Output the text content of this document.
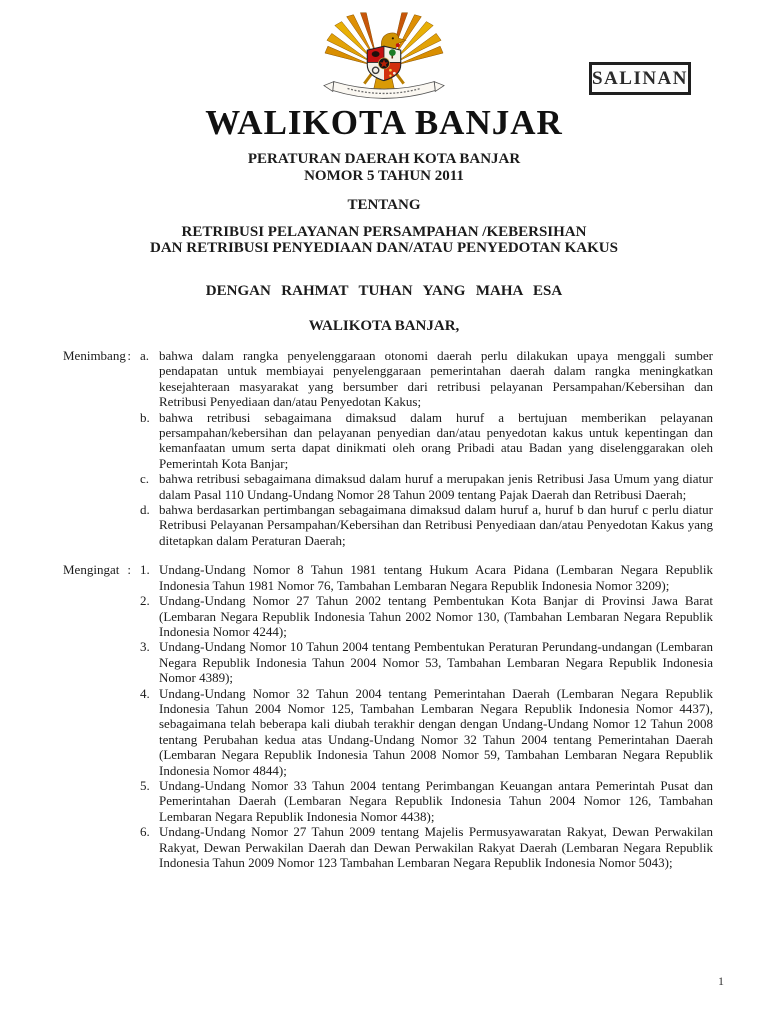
SALINAN
WALIKOTA BANJAR
PERATURAN DAERAH KOTA BANJAR
NOMOR 5 TAHUN 2011
TENTANG
RETRIBUSI PELAYANAN PERSAMPAHAN /KEBERSIHAN
DAN RETRIBUSI PENYEDIAAN DAN/ATAU PENYEDOTAN KAKUS
DENGAN RAHMAT TUHAN YANG MAHA ESA
WALIKOTA BANJAR,
Menimbang : a. bahwa dalam rangka penyelenggaraan otonomi daerah perlu dilakukan upaya menggali sumber pendapatan untuk membiayai penyelenggaraan pemerintahan daerah dalam rangka meningkatkan kesejahteraan masyarakat yang bersumber dari retribusi pelayanan Persampahan/Kebersihan dan Retribusi Penyediaan dan/atau Penyedotan Kakus;
b. bahwa retribusi sebagaimana dimaksud dalam huruf a bertujuan memberikan pelayanan persampahan/kebersihan dan pelayanan penyedian dan/atau penyedotan kakus untuk kepentingan dan kemanfaatan umum serta dapat dinikmati oleh orang Pribadi atau Badan yang diselenggarakan oleh Pemerintah Kota Banjar;
c. bahwa retribusi sebagaimana dimaksud dalam huruf a merupakan jenis Retribusi Jasa Umum yang diatur dalam Pasal 110 Undang-Undang Nomor 28 Tahun 2009 tentang Pajak Daerah dan Retribusi Daerah;
d. bahwa berdasarkan pertimbangan sebagaimana dimaksud dalam huruf a, huruf b dan huruf c perlu diatur Retribusi Pelayanan Persampahan/Kebersihan dan Retribusi Penyediaan dan/atau Penyedotan Kakus yang ditetapkan dalam Peraturan Daerah;
Mengingat : 1. Undang-Undang Nomor 8 Tahun 1981 tentang Hukum Acara Pidana (Lembaran Negara Republik Indonesia Tahun 1981 Nomor 76, Tambahan Lembaran Negara Republik Indonesia Nomor 3209);
2. Undang-Undang Nomor 27 Tahun 2002 tentang Pembentukan Kota Banjar di Provinsi Jawa Barat (Lembaran Negara Republik Indonesia Tahun 2002 Nomor 130, (Tambahan Lembaran Negara Republik Indonesia Nomor 4244);
3. Undang-Undang Nomor 10 Tahun 2004 tentang Pembentukan Peraturan Perundang-undangan (Lembaran Negara Republik Indonesia Tahun 2004 Nomor 53, Tambahan Lembaran Negara Republik Indonesia Nomor 4389);
4. Undang-Undang Nomor 32 Tahun 2004 tentang Pemerintahan Daerah (Lembaran Negara Republik Indonesia Tahun 2004 Nomor 125, Tambahan Lembaran Negara Republik Indonesia Nomor 4437), sebagaimana telah beberapa kali diubah terakhir dengan dengan Undang-Undang Nomor 12 Tahun 2008 tentang Perubahan kedua atas Undang-Undang Nomor 32 Tahun 2004 tentang Pemerintahan Daerah (Lembaran Negara Republik Indonesia Tahun 2008 Nomor 59, Tambahan Lembaran Negara Republik Indonesia Nomor 4844);
5. Undang-Undang Nomor 33 Tahun 2004 tentang Perimbangan Keuangan antara Pemerintah Pusat dan Pemerintahan Daerah (Lembaran Negara Republik Indonesia Tahun 2004 Nomor 126, Tambahan Lembaran Negara Republik Indonesia Nomor 4438);
6. Undang-Undang Nomor 27 Tahun 2009 tentang Majelis Permusyawaratan Rakyat, Dewan Perwakilan Rakyat, Dewan Perwakilan Daerah dan Dewan Perwakilan Rakyat Daerah (Lembaran Negara Republik Indonesia Tahun 2009 Nomor 123 Tambahan Lembaran Negara Republik Indonesia Nomor 5043);
1
